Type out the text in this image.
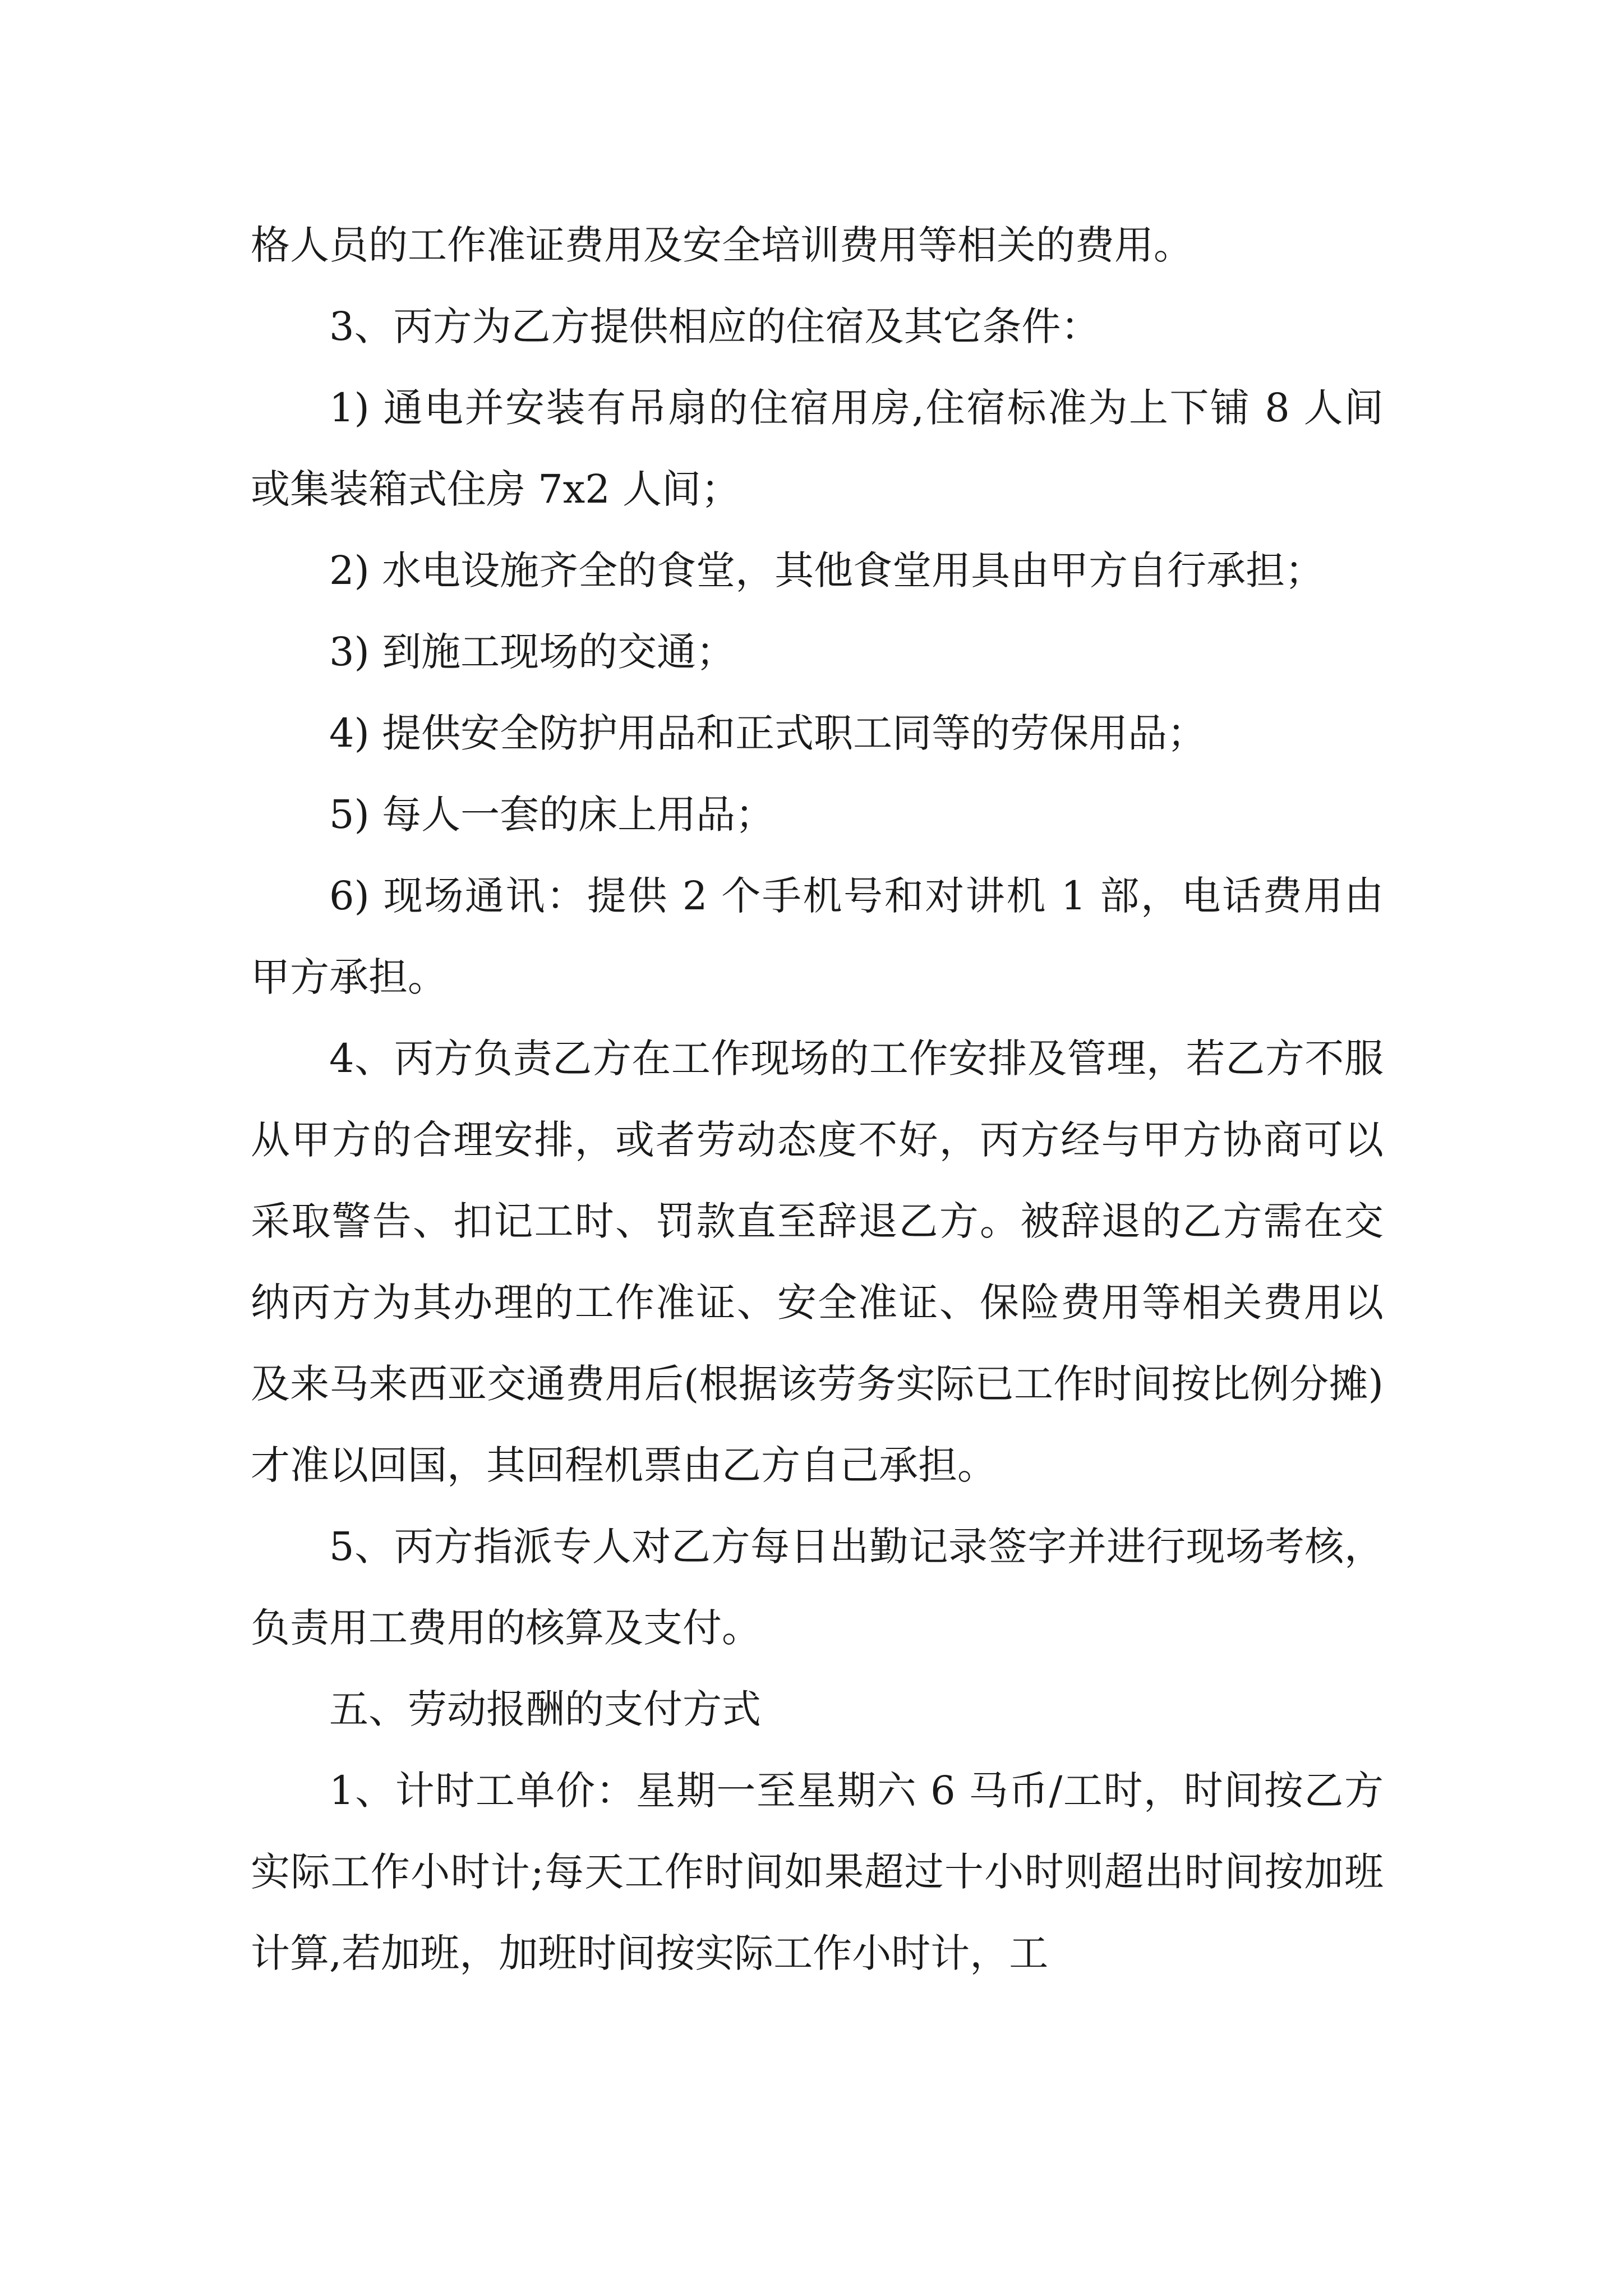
格人员的工作准证费用及安全培训费用等相关的费用。

3、丙方为乙方提供相应的住宿及其它条件：

1) 通电并安装有吊扇的住宿用房,住宿标准为上下铺 8 人间或集装箱式住房 7x2 人间；

2) 水电设施齐全的食堂，其他食堂用具由甲方自行承担；

3) 到施工现场的交通；

4) 提供安全防护用品和正式职工同等的劳保用品；

5) 每人一套的床上用品；

6) 现场通讯：提供 2 个手机号和对讲机 1 部，电话费用由甲方承担。

4、丙方负责乙方在工作现场的工作安排及管理，若乙方不服从甲方的合理安排，或者劳动态度不好，丙方经与甲方协商可以采取警告、扣记工时、罚款直至辞退乙方。被辞退的乙方需在交纳丙方为其办理的工作准证、安全准证、保险费用等相关费用以及来马来西亚交通费用后(根据该劳务实际已工作时间按比例分摊)才准以回国，其回程机票由乙方自己承担。

5、丙方指派专人对乙方每日出勤记录签字并进行现场考核，负责用工费用的核算及支付。

五、劳动报酬的支付方式

1、计时工单价：星期一至星期六 6 马币/工时，时间按乙方实际工作小时计;每天工作时间如果超过十小时则超出时间按加班计算,若加班，加班时间按实际工作小时计，工
